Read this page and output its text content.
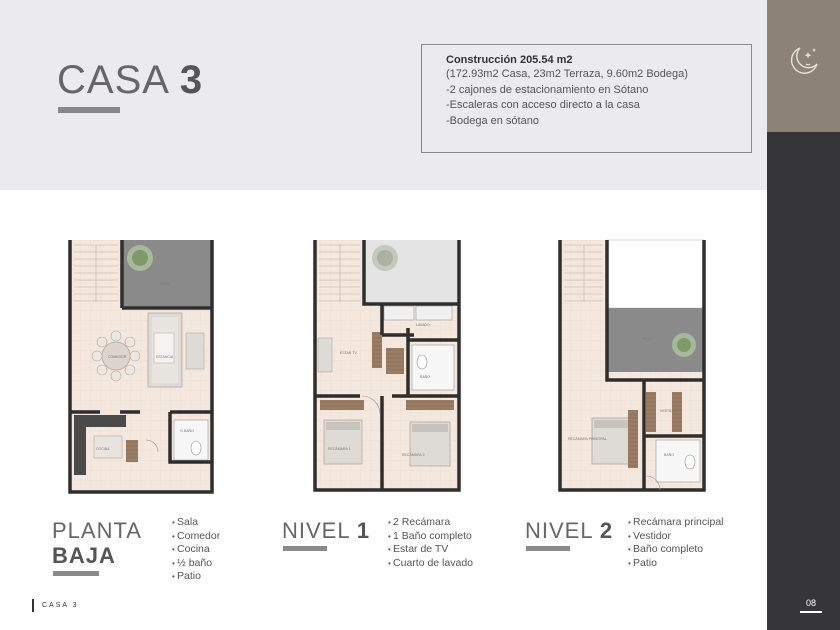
CASA 3	Construcción 205.54 m2
(172.93m2 Casa, 23m2 Terraza, 9.60m2 Bodega)
-2 cajones de estacionamiento en Sótano
-Escaleras con acceso directo a la casa
-Bodega en sótano
PATIO
COMEDOR	ESTANCIA
COCINA
½ BAÑO
LAVADO
ESTAR TV
BAÑO
RECÁMARA 1
RECÁMARA 2
PATIO
VESTIDOR
RECÁMARA PRINCIPAL
BAÑO
PLANTA
BAJA
• Sala
• Comedor
• Cocina
• ½ baño
• Patio
NIVEL 1	• 2 Recámara
• 1 Baño completo
• Estar de TV
• Cuarto de lavado
NIVEL 2	• Recámara principal
• Vestidor
• Baño completo
• Patio
CASA 3	08
